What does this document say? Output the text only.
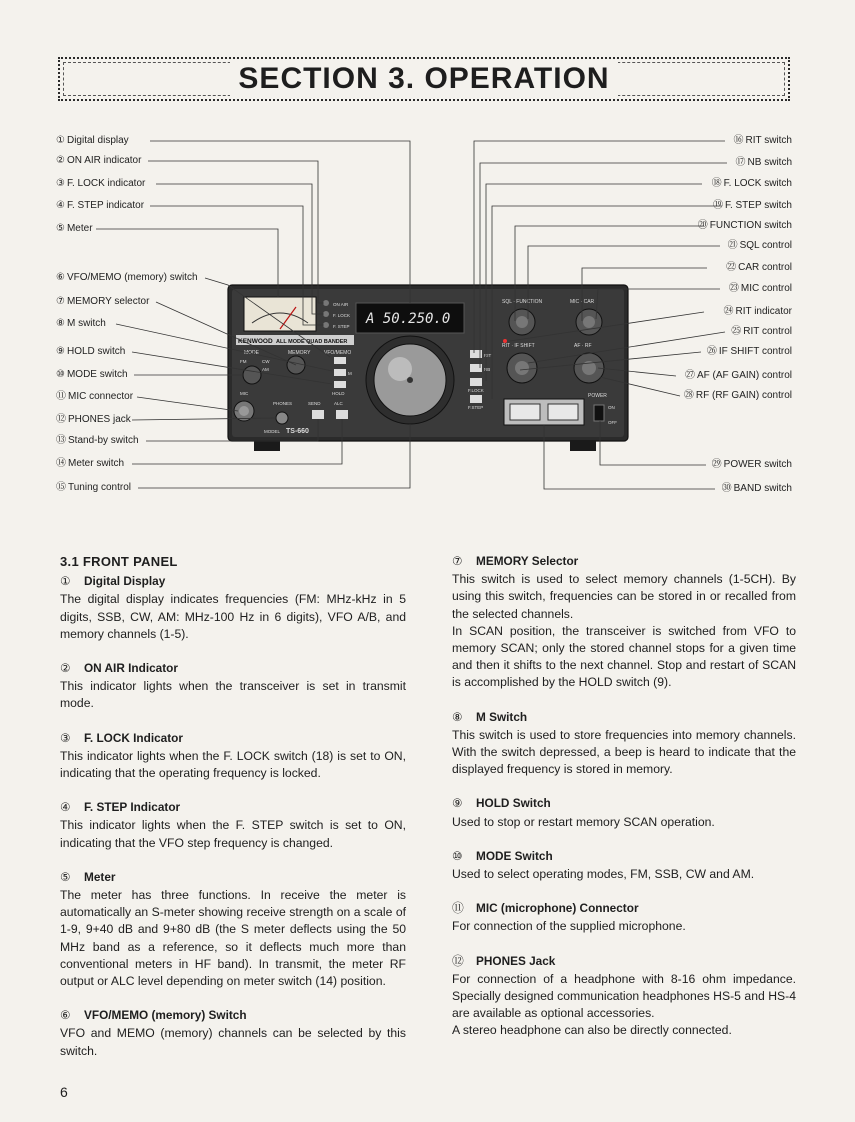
SECTION 3. OPERATION
ON AIR
F. LOCK
F. STEP A 50.250.0
KENWOOD ALL MODE QUAD BANDER
MODE	MEMORY	VFO/MEMO
FM	CW
AM
M
HOLD
MIC
PHONES	SEND	ALC
MODEL TS-660
RIT
NB
F.LOCK
F.STEP
SQL · FUNCTION	MIC · CAR
RIT · IF SHIFT	AF · RF
POWER
ON
OFF
① Digital display
② ON AIR indicator
③ F. LOCK indicator
④ F. STEP indicator
⑤ Meter
⑥ VFO/MEMO (memory) switch
⑦ MEMORY selector
⑧ M switch
⑨ HOLD switch
⑩ MODE switch
⑪ MIC connector
⑫ PHONES jack
⑬ Stand-by switch
⑭ Meter switch
⑮ Tuning control
⑯ RIT switch
⑰ NB switch
⑱ F. LOCK switch
⑲ F. STEP switch
⑳ FUNCTION switch
㉑ SQL control
㉒ CAR control
㉓ MIC control
㉔ RIT indicator
㉕ RIT control
㉖ IF SHIFT control
㉗ AF (AF GAIN) control
㉘ RF (RF GAIN) control
㉙ POWER switch
㉚ BAND switch
3.1 FRONT PANEL
① Digital Display

The digital display indicates frequencies (FM: MHz-kHz in 5 digits, SSB, CW, AM: MHz-100 Hz in 6 digits), VFO A/B, and memory channels (1-5).

② ON AIR Indicator

This indicator lights when the transceiver is set in transmit mode.

③ F. LOCK Indicator

This indicator lights when the F. LOCK switch (18) is set to ON, indicating that the operating frequency is locked.

④ F. STEP Indicator

This indicator lights when the F. STEP switch is set to ON, indicating that the VFO step frequency is changed.

⑤ Meter

The meter has three functions. In receive the meter is automatically an S-meter showing receive strength on a scale of 1-9, 9+40 dB and 9+80 dB (the S meter deflects using the 50 MHz band as a reference, so it deflects much more than conventional meters in HF band). In transmit, the meter RF output or ALC level depending on meter switch (14) position.

⑥ VFO/MEMO (memory) Switch

VFO and MEMO (memory) channels can be selected by this switch.

⑦ MEMORY Selector

This switch is used to select memory channels (1-5CH). By using this switch, frequencies can be stored in or recalled from the selected channels.

In SCAN position, the transceiver is switched from VFO to memory SCAN; only the stored channel stops for a given time and then it shifts to the next channel. Stop and restart of SCAN is accomplished by the HOLD switch (9).

⑧ M Switch

This switch is used to store frequencies into memory channels. With the switch depressed, a beep is heard to indicate that the displayed frequency is stored in memory.

⑨ HOLD Switch

Used to stop or restart memory SCAN operation.

⑩ MODE Switch

Used to select operating modes, FM, SSB, CW and AM.

⑪ MIC (microphone) Connector

For connection of the supplied microphone.

⑫ PHONES Jack

For connection of a headphone with 8-16 ohm impedance. Specially designed communication headphones HS-5 and HS-4 are available as optional accessories.

A stereo headphone can also be directly connected.

6
